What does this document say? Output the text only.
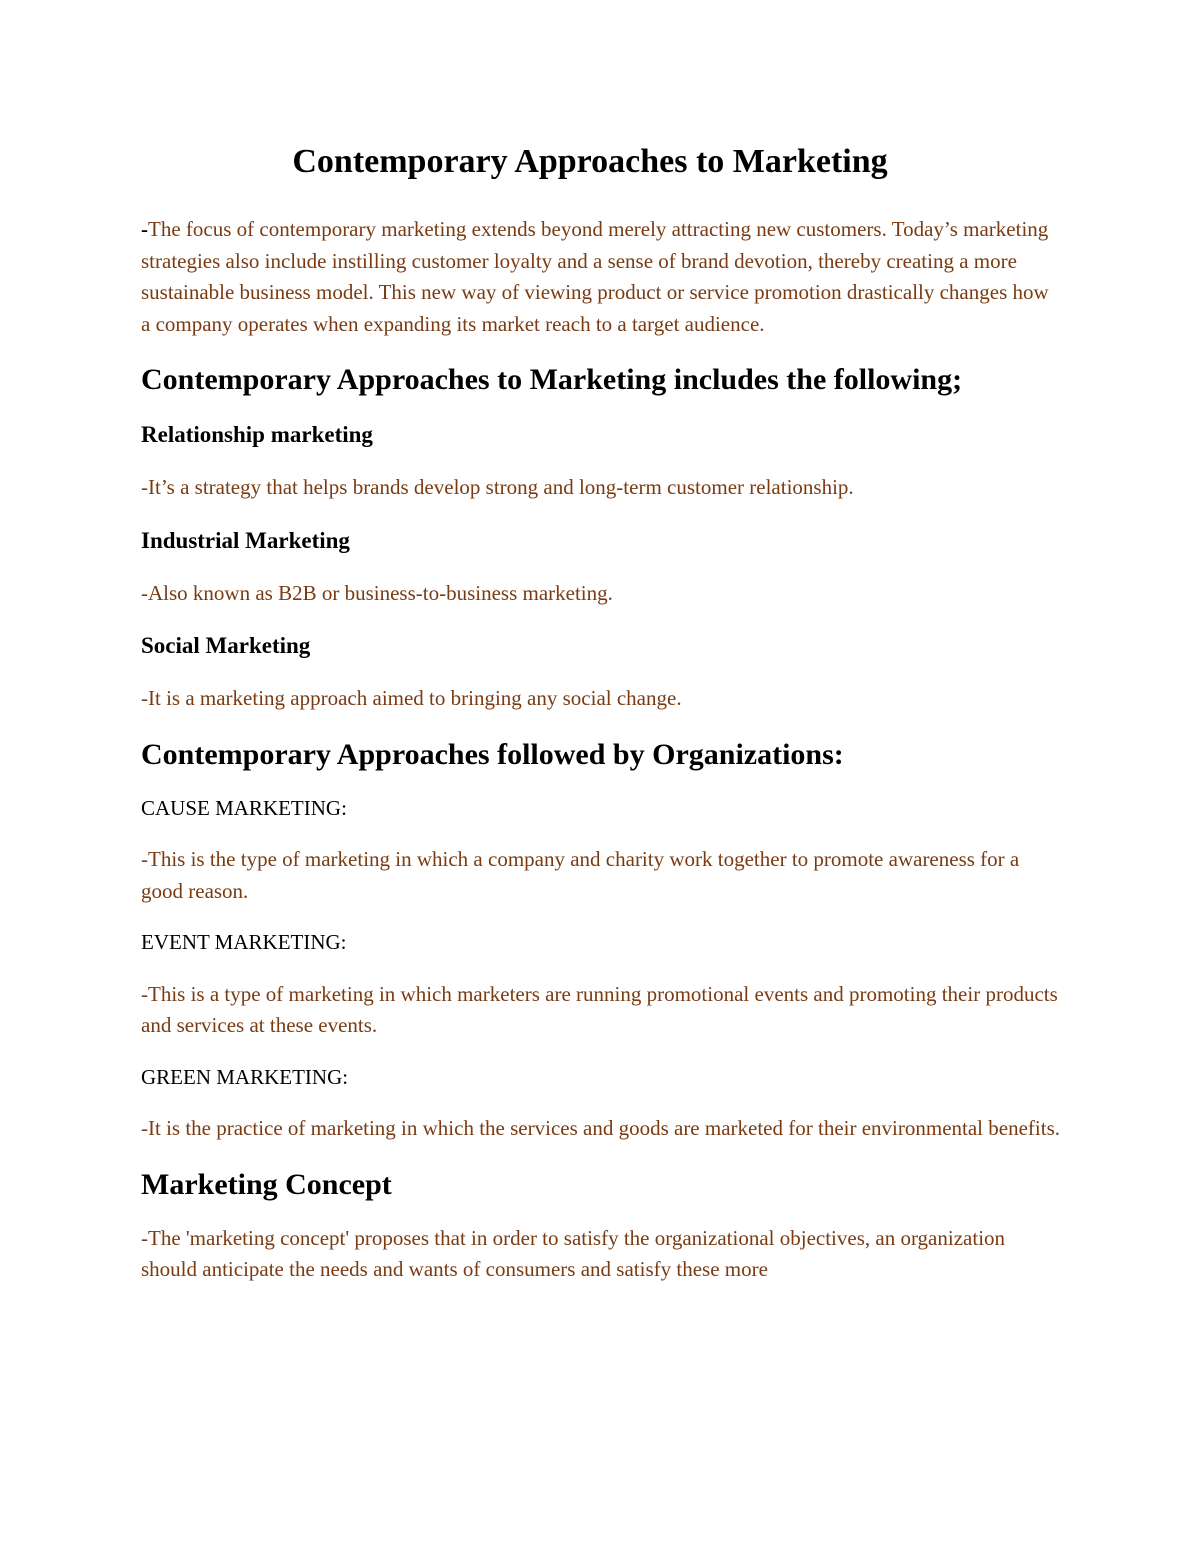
Contemporary Approaches to Marketing

-The focus of contemporary marketing extends beyond merely attracting new customers. Today’s marketing strategies also include instilling customer loyalty and a sense of brand devotion, thereby creating a more sustainable business model. This new way of viewing product or service promotion drastically changes how a company operates when expanding its market reach to a target audience.

Contemporary Approaches to Marketing includes the following;
Relationship marketing

-It’s a strategy that helps brands develop strong and long-term customer relationship.

Industrial Marketing

-Also known as B2B or business-to-business marketing.

Social Marketing

-It is a marketing approach aimed to bringing any social change.

Contemporary Approaches followed by Organizations:

CAUSE MARKETING:

-This is the type of marketing in which a company and charity work together to promote awareness for a good reason.

EVENT MARKETING:

-This is a type of marketing in which marketers are running promotional events and promoting their products and services at these events.

GREEN MARKETING:

-It is the practice of marketing in which the services and goods are marketed for their environmental benefits.

Marketing Concept

-The 'marketing concept' proposes that in order to satisfy the organizational objectives, an organization should anticipate the needs and wants of consumers and satisfy these more
